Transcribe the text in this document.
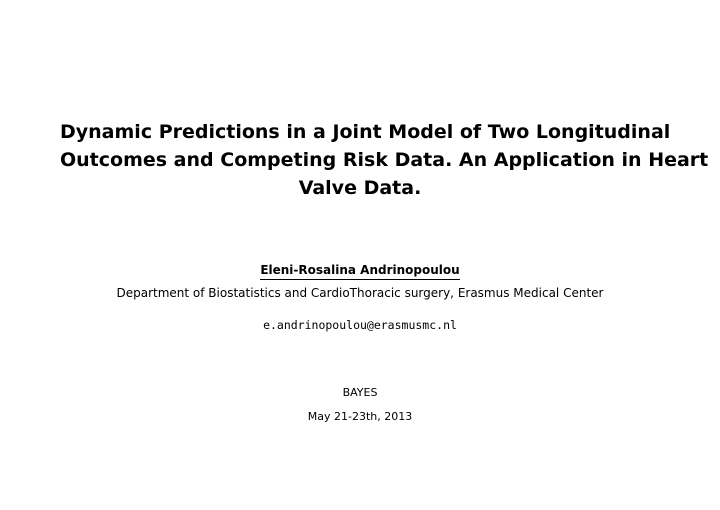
Dynamic Predictions in a Joint Model of Two Longitudinal
Outcomes and Competing Risk Data. An Application in Heart
Valve Data.
Eleni-Rosalina Andrinopoulou
Department of Biostatistics and CardioThoracic surgery, Erasmus Medical Center
e.andrinopoulou@erasmusmc.nl
BAYES
May 21-23th, 2013
